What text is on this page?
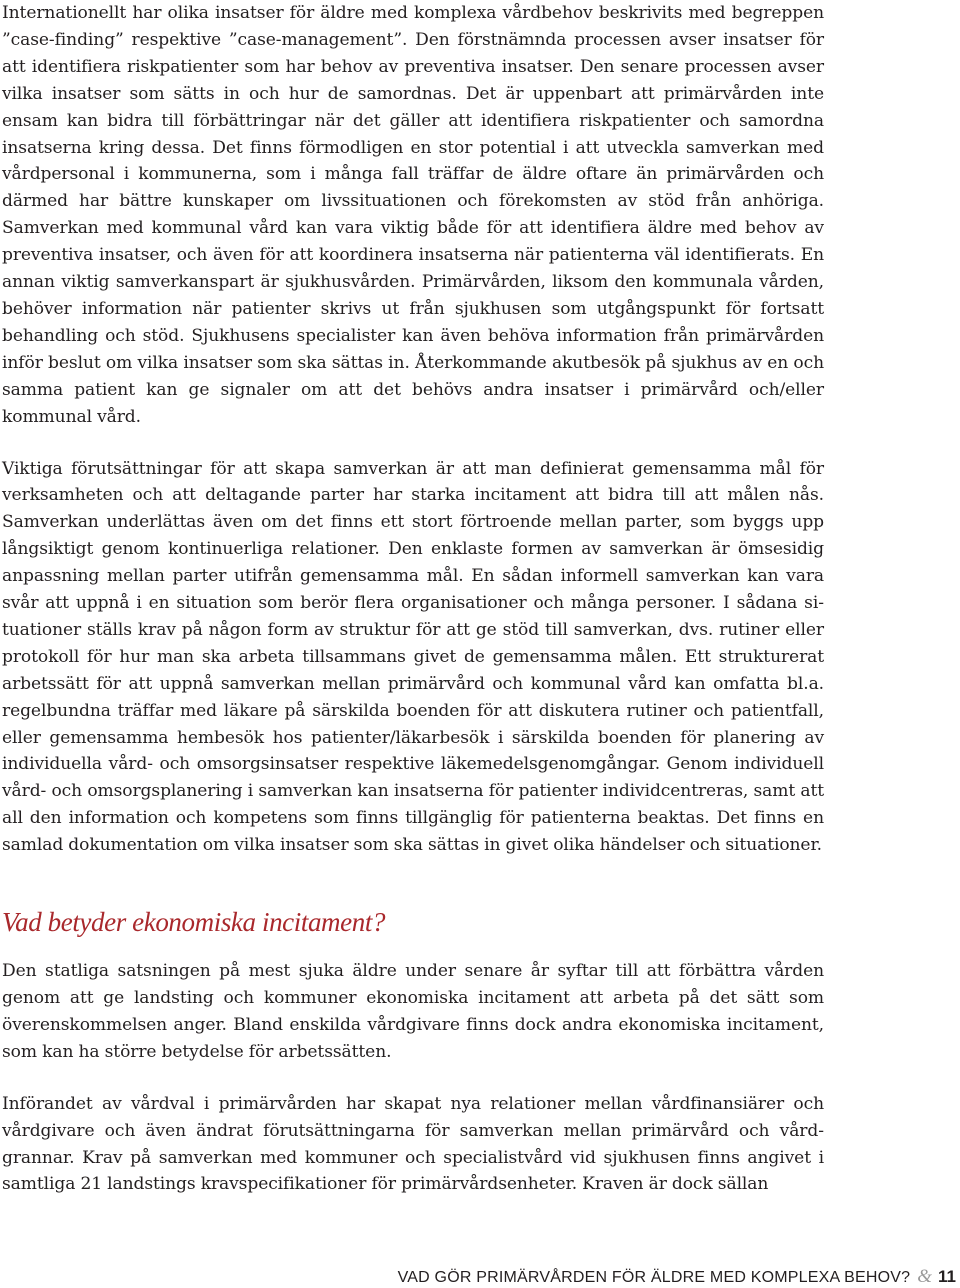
Internationellt har olika insatser för äldre med komplexa vårdbehov beskrivits med begreppen ”case-finding” respektive ”case-management”. Den förstnämnda processen avser insatser för att identifiera riskpatienter som har behov av preventiva insatser. Den senare processen avser vilka insatser som sätts in och hur de samordnas. Det är uppenbart att primärvården inte ensam kan bidra till förbättringar när det gäller att identifiera riskpatienter och samordna insatserna kring dessa. Det finns förmodligen en stor potential i att utveckla samverkan med vårdpersonal i kommunerna, som i många fall träffar de äldre oftare än primärvården och därmed har bättre kunskaper om livssituationen och förekomsten av stöd från anhöriga. Samverkan med kommunal vård kan vara viktig både för att identifiera äldre med behov av preventiva insatser, och även för att koordinera insatserna när patienterna väl identifierats. En annan viktig samverkanspart är sjukhusvården. Primärvården, liksom den kommunala vården, behöver information när patienter skrivs ut från sjukhusen som utgångspunkt för fortsatt behandling och stöd. Sjukhusens specialister kan även behöva information från primärvården inför beslut om vilka insatser som ska sättas in. Återkommande akutbesök på sjukhus av en och samma patient kan ge signaler om att det behövs andra insatser i primärvård och/eller kommunal vård.

Viktiga förutsättningar för att skapa samverkan är att man definierat gemensamma mål för verksamheten och att deltagande parter har starka incitament att bidra till att målen nås. Samverkan underlättas även om det finns ett stort förtroende mellan parter, som byggs upp långsiktigt genom kontinuerliga relationer. Den enklaste formen av samverkan är ömsesidig anpassning mellan parter utifrån gemensamma mål. En sådan informell samverkan kan vara svår att uppnå i en situation som berör flera organisationer och många personer. I sådana situationer ställs krav på någon form av struktur för att ge stöd till samverkan, dvs. rutiner eller protokoll för hur man ska arbeta tillsammans givet de gemensamma målen. Ett strukturerat arbetssätt för att uppnå samverkan mellan primärvård och kommunal vård kan omfatta bl.a. regelbundna träffar med läkare på särskilda boenden för att diskutera rutiner och patientfall, eller gemensamma hembesök hos patienter/läkarbesök i särskilda boenden för planering av individuella vård- och omsorgsinsatser respektive läkemedelsgenomgångar. Genom individuell vård- och omsorgsplanering i samverkan kan insatserna för patienter individcentreras, samt att all den information och kompetens som finns tillgänglig för patienterna beaktas. Det finns en samlad dokumentation om vilka insatser som ska sättas in givet olika händelser och situationer.

Vad betyder ekonomiska incitament?

Den statliga satsningen på mest sjuka äldre under senare år syftar till att förbättra vården genom att ge landsting och kommuner ekonomiska incitament att arbeta på det sätt som överenskommelsen anger. Bland enskilda vårdgivare finns dock andra ekonomiska incitament, som kan ha större betydelse för arbetssätten.

Införandet av vårdval i primärvården har skapat nya relationer mellan vårdfinansiärer och vårdgivare och även ändrat förutsättningarna för samverkan mellan primärvård och vårdgrannar. Krav på samverkan med kommuner och specialistvård vid sjukhusen finns angivet i samtliga 21 landstings kravspecifikationer för primärvårdsenheter. Kraven är dock sällan

VAD GÖR PRIMÄRVÅRDEN FÖR ÄLDRE MED KOMPLEXA BEHOV? & 11
